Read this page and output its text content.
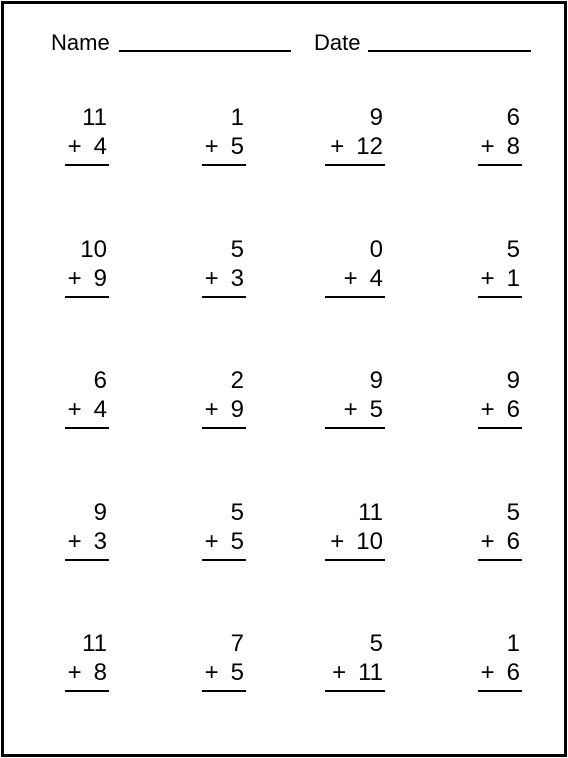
Name	Date
11
+ 4
1
+ 5
9
+ 12
6
+ 8
10
+ 9
5
+ 3
0
+ 4
5
+ 1
6
+ 4
2
+ 9
9
+ 5
9
+ 6
9
+ 3
5
+ 5
11
+ 10
5
+ 6
11
+ 8
7
+ 5
5
+ 11
1
+ 6
